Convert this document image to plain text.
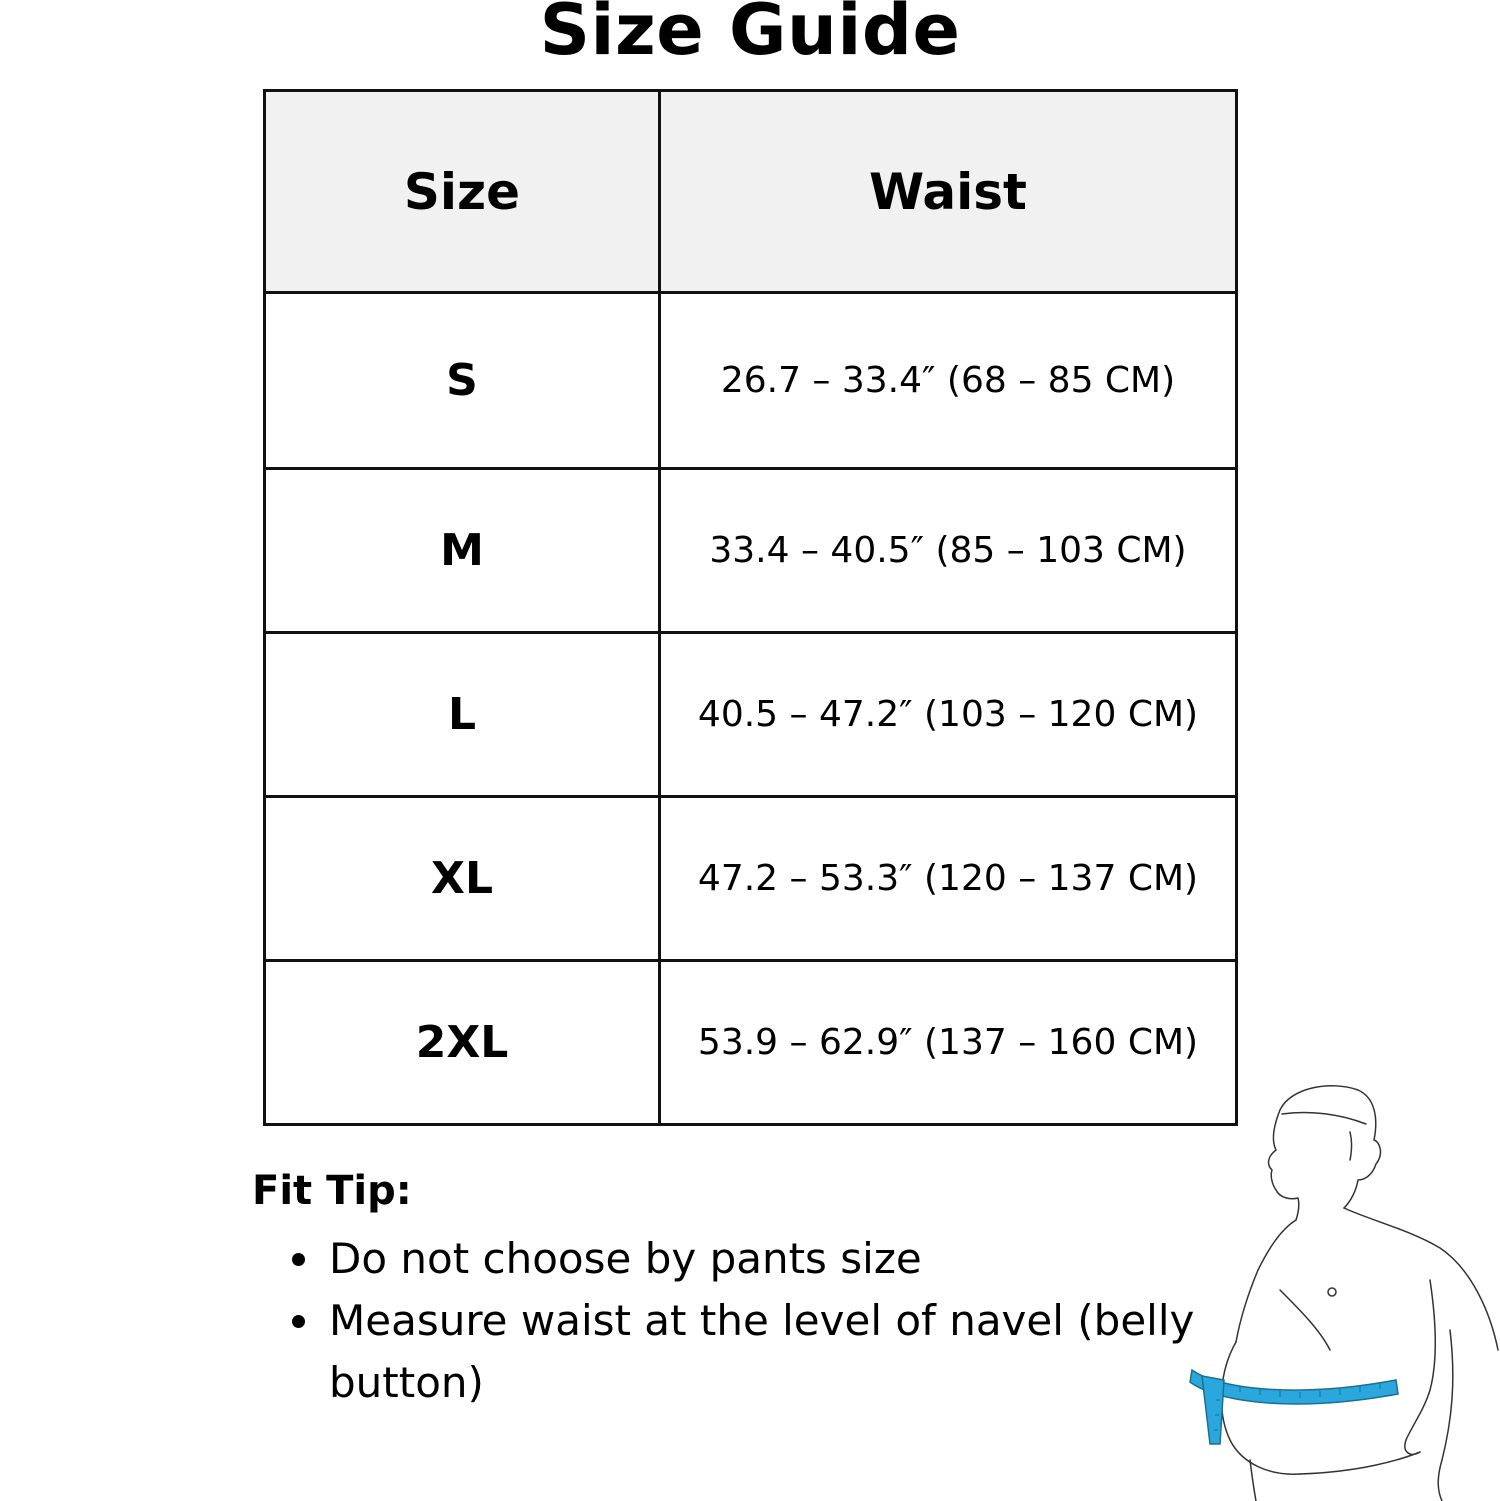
Size Guide
Size	Waist
S	26.7 – 33.4″ (68 – 85 CM)
M	33.4 – 40.5″ (85 – 103 CM)
L	40.5 – 47.2″ (103 – 120 CM)
XL	47.2 – 53.3″ (120 – 137 CM)
2XL	53.9 – 62.9″ (137 – 160 CM)
Fit Tip:
Do not choose by pants size
Measure waist at the level of navel (belly button)
